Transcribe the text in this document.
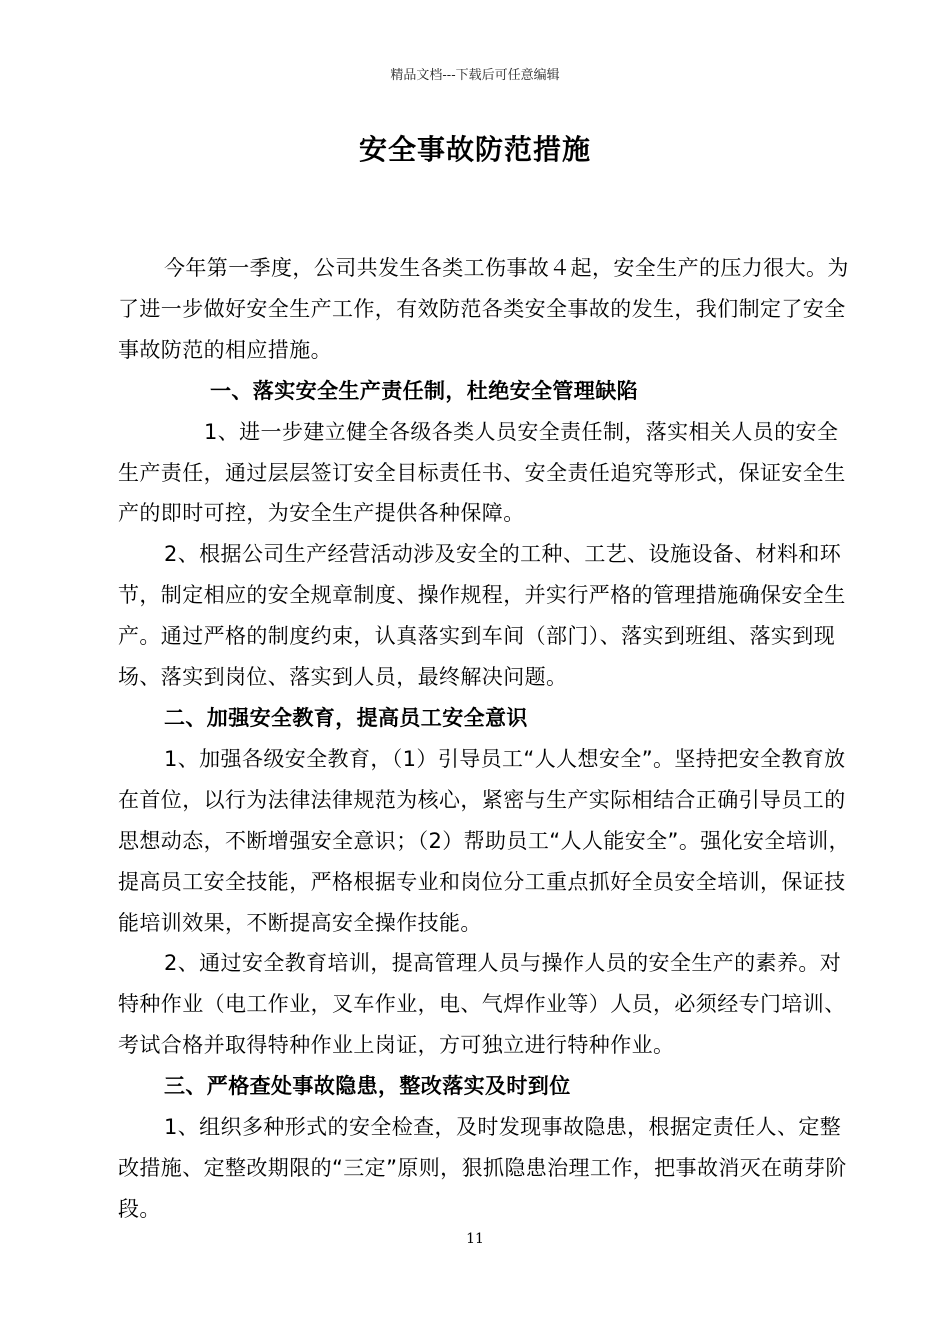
精品文档---下载后可任意编辑
安全事故防范措施

今年第一季度，公司共发生各类工伤事故４起，安全生产的压力很大。为了进一步做好安全生产工作，有效防范各类安全事故的发生，我们制定了安全事故防范的相应措施。

一、落实安全生产责任制，杜绝安全管理缺陷

1、进一步建立健全各级各类人员安全责任制，落实相关人员的安全生产责任，通过层层签订安全目标责任书、安全责任追究等形式，保证安全生产的即时可控，为安全生产提供各种保障。

2、根据公司生产经营活动涉及安全的工种、工艺、设施设备、材料和环节，制定相应的安全规章制度、操作规程，并实行严格的管理措施确保安全生产。通过严格的制度约束，认真落实到车间（部门）、落实到班组、落实到现场、落实到岗位、落实到人员，最终解决问题。

二、加强安全教育，提高员工安全意识

1、加强各级安全教育，（1）引导员工“人人想安全”。坚持把安全教育放在首位，以行为法律法律规范为核心，紧密与生产实际相结合正确引导员工的思想动态，不断增强安全意识；（2）帮助员工“人人能安全”。强化安全培训，提高员工安全技能，严格根据专业和岗位分工重点抓好全员安全培训，保证技能培训效果，不断提高安全操作技能。

2、通过安全教育培训，提高管理人员与操作人员的安全生产的素养。对特种作业（电工作业，叉车作业，电、气焊作业等）人员，必须经专门培训、考试合格并取得特种作业上岗证，方可独立进行特种作业。

三、严格查处事故隐患，整改落实及时到位

1、组织多种形式的安全检查，及时发现事故隐患，根据定责任人、定整改措施、定整改期限的“三定”原则，狠抓隐患治理工作，把事故消灭在萌芽阶段。

11
